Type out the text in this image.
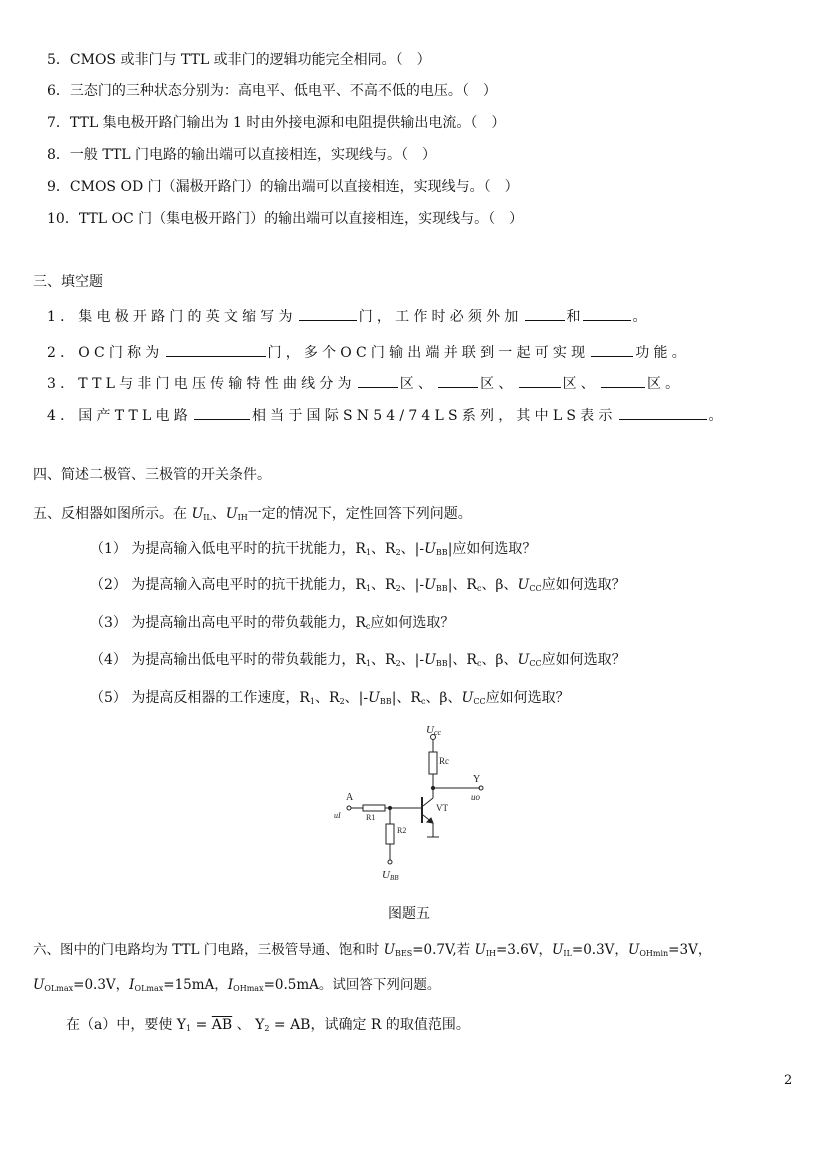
5．CMOS 或非门与 TTL 或非门的逻辑功能完全相同。（　）
6．三态门的三种状态分别为：高电平、低电平、不高不低的电压。（　）
7．TTL 集电极开路门输出为 1 时由外接电源和电阻提供输出电流。（　）
8．一般 TTL 门电路的输出端可以直接相连，实现线与。（　）
9．CMOS OD 门（漏极开路门）的输出端可以直接相连，实现线与。（　）
10．TTL OC 门（集电极开路门）的输出端可以直接相连，实现线与。（　）
三、填空题
1．集电极开路门的英文缩写为	门，工作时必须外加	和	。
2．OC门称为	门，多个OC门输出端并联到一起可实现	功能。
3．TTL与非门电压传输特性曲线分为	区、	区、	区、	区。
4．国产TTL电路	相当于国际SN54/74LS系列，其中LS表示	。
四、简述二极管、三极管的开关条件。
五、反相器如图所示。在 $U_{IL}$、$U_{IH}$一定的情况下，定性回答下列问题。
（1） 为提高输入低电平时的抗干扰能力，$R_1$、$R_2$、$|-U_{BB}|$应如何选取？
（2） 为提高输入高电平时的抗干扰能力，$R_1$、$R_2$、$|-U_{BB}|$、$R_c$、β、$U_{CC}$应如何选取？
（3） 为提高输出高电平时的带负载能力，$R_c$应如何选取？
（4） 为提高输出低电平时的带负载能力，$R_1$、$R_2$、$|-U_{BB}|$、$R_c$、β、$U_{CC}$应如何选取？
（5） 为提高反相器的工作速度，$R_1$、$R_2$、$|-U_{BB}|$、$R_c$、β、$U_{CC}$应如何选取？
Ucc
Rc
Y
uo
A
uI	R1
R2
VT
UBB
图题五
六、图中的门电路均为 TTL 门电路，三极管导通、饱和时 $U_{BES}=0.7V$,若 $U_{IH}=3.6V$，$U_{IL}=0.3V$，$U_{OHmin}=3V$，
$U_{OLmax}=0.3V$，$I_{OLmax}=15mA$，$I_{OHmax}=0.5mA$。试回答下列问题。
在（a）中，要使 $Y_1 = \overline{AB}$ 、 $Y_2$ = AB，试确定 R 的取值范围。
2
